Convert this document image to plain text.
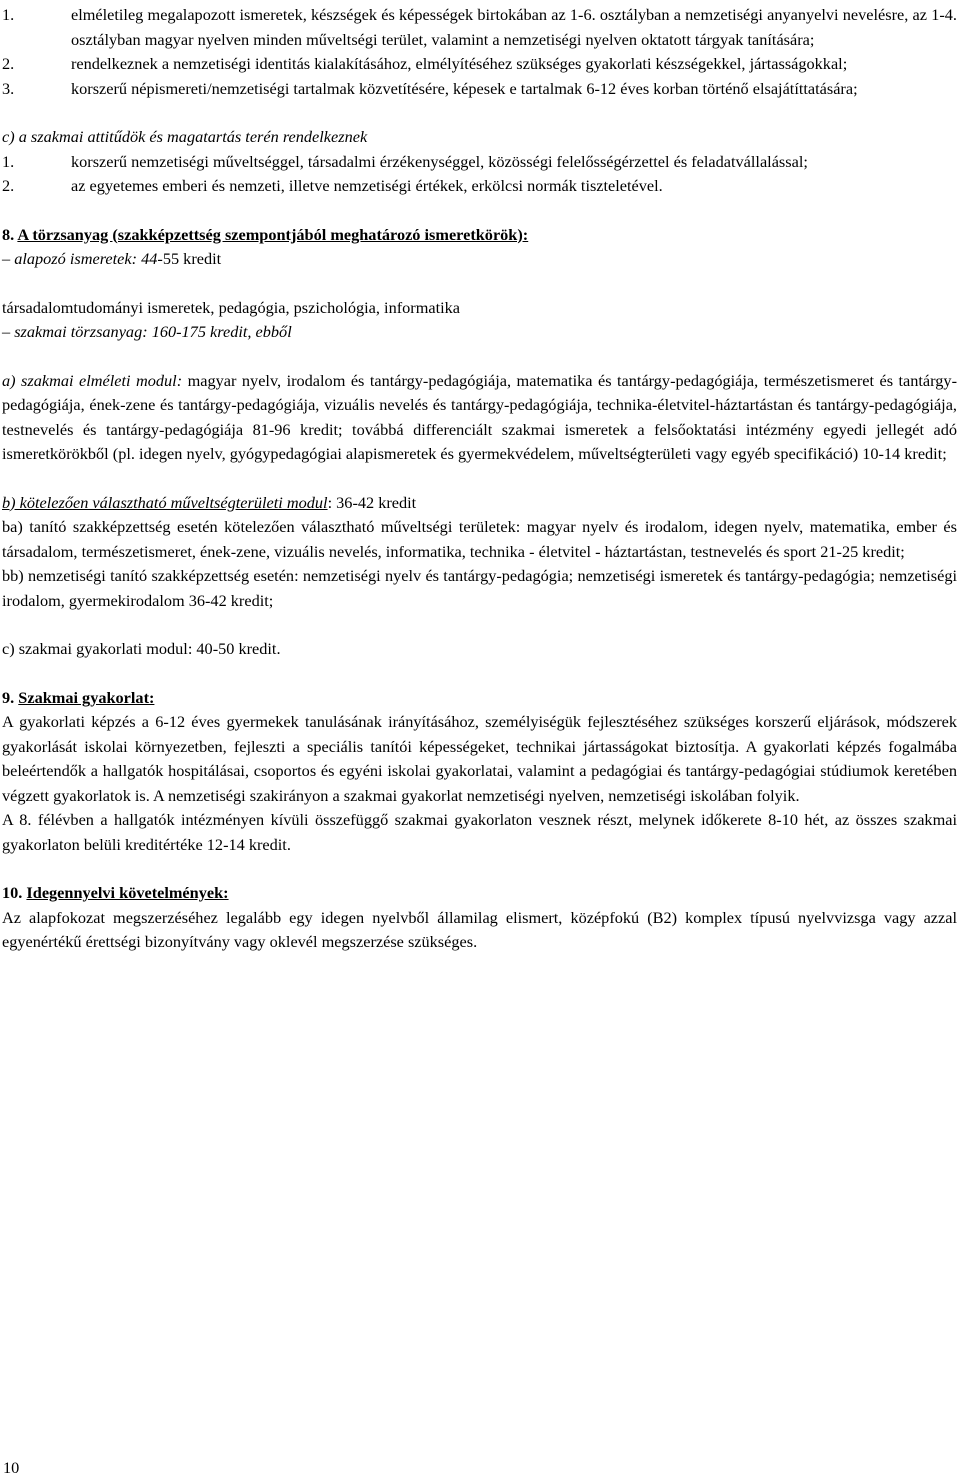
1.	elméletileg megalapozott ismeretek, készségek és képességek birtokában az 1-6. osztályban a nemzetiségi anyanyelvi nevelésre, az 1-4. osztályban magyar nyelven minden műveltségi terület, valamint a nemzetiségi nyelven oktatott tárgyak tanítására;
2.	rendelkeznek a nemzetiségi identitás kialakításához, elmélyítéséhez szükséges gyakorlati készségekkel, jártasságokkal;
3.	korszerű népismereti/nemzetiségi tartalmak közvetítésére, képesek e tartalmak 6-12 éves korban történő elsajátíttatására;
c) a szakmai attitűdök és magatartás terén rendelkeznek
1.	korszerű nemzetiségi műveltséggel, társadalmi érzékenységgel, közösségi felelősségérzettel és feladatvállalással;
2.	az egyetemes emberi és nemzeti, illetve nemzetiségi értékek, erkölcsi normák tiszteletével.
8. A törzsanyag (szakképzettség szempontjából meghatározó ismeretkörök):
– alapozó ismeretek: 44-55 kredit
társadalomtudományi ismeretek, pedagógia, pszichológia, informatika
– szakmai törzsanyag: 160-175 kredit, ebből
a) szakmai elméleti modul: magyar nyelv, irodalom és tantárgy-pedagógiája, matematika és tantárgy-pedagógiája, természetismeret és tantárgy-pedagógiája, ének-zene és tantárgy-pedagógiája, vizuális nevelés és tantárgy-pedagógiája, technika-életvitel-háztartástan és tantárgy-pedagógiája, testnevelés és tantárgy-pedagógiája 81-96 kredit; továbbá differenciált szakmai ismeretek a felsőoktatási intézmény egyedi jellegét adó ismeretkörökből (pl. idegen nyelv, gyógypedagógiai alapismeretek és gyermekvédelem, műveltségterületi vagy egyéb specifikáció) 10-14 kredit;
b) kötelezően választható műveltségterületi modul: 36-42 kredit
ba) tanító szakképzettség esetén kötelezően választható műveltségi területek: magyar nyelv és irodalom, idegen nyelv, matematika, ember és társadalom, természetismeret, ének-zene, vizuális nevelés, informatika, technika - életvitel - háztartástan, testnevelés és sport 21-25 kredit;
bb) nemzetiségi tanító szakképzettség esetén: nemzetiségi nyelv és tantárgy-pedagógia; nemzetiségi ismeretek és tantárgy-pedagógia; nemzetiségi irodalom, gyermekirodalom 36-42 kredit;
c) szakmai gyakorlati modul: 40-50 kredit.
9. Szakmai gyakorlat:
A gyakorlati képzés a 6-12 éves gyermekek tanulásának irányításához, személyiségük fejlesztéséhez szükséges korszerű eljárások, módszerek gyakorlását iskolai környezetben, fejleszti a speciális tanítói képességeket, technikai jártasságokat biztosítja. A gyakorlati képzés fogalmába beleértendők a hallgatók hospitálásai, csoportos és egyéni iskolai gyakorlatai, valamint a pedagógiai és tantárgy-pedagógiai stúdiumok keretében végzett gyakorlatok is. A nemzetiségi szakirányon a szakmai gyakorlat nemzetiségi nyelven, nemzetiségi iskolában folyik.
A 8. félévben a hallgatók intézményen kívüli összefüggő szakmai gyakorlaton vesznek részt, melynek időkerete 8-10 hét, az összes szakmai gyakorlaton belüli kreditértéke 12-14 kredit.
10. Idegennyelvi követelmények:
Az alapfokozat megszerzéséhez legalább egy idegen nyelvből államilag elismert, középfokú (B2) komplex típusú nyelvvizsga vagy azzal egyenértékű érettségi bizonyítvány vagy oklevél megszerzése szükséges.
10
